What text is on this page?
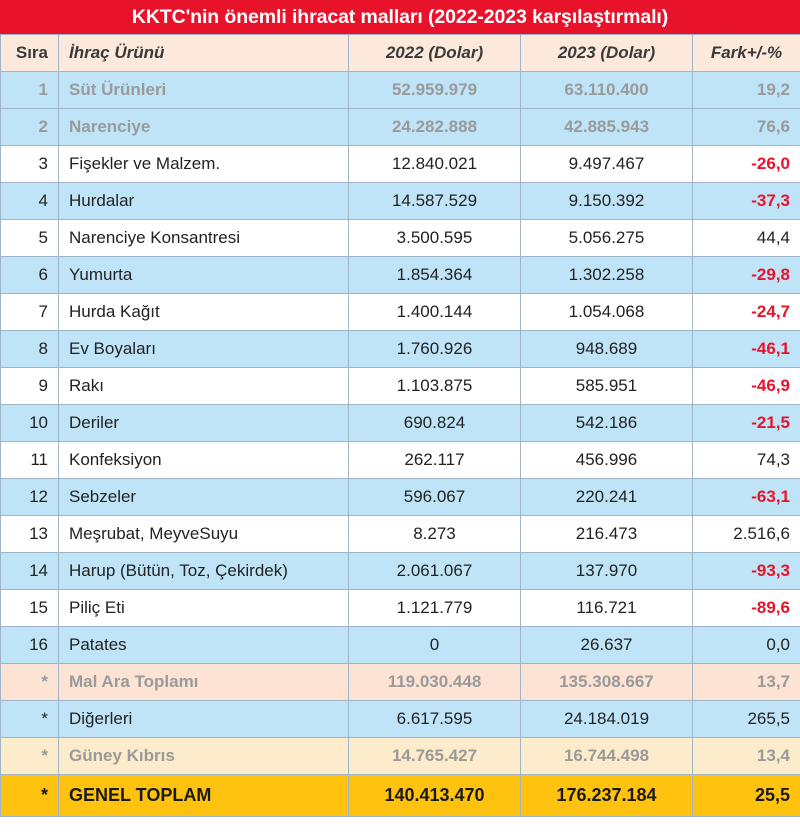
KKTC'nin önemli ihracat malları (2022-2023 karşılaştırmalı)
Sıra	İhraç Ürünü	2022 (Dolar)	2023 (Dolar)	Fark+/-%
1	Süt Ürünleri	52.959.979	63.110.400	19,2
2	Narenciye	24.282.888	42.885.943	76,6
3	Fişekler ve Malzem.	12.840.021	9.497.467	-26,0
4	Hurdalar	14.587.529	9.150.392	-37,3
5	Narenciye Konsantresi	3.500.595	5.056.275	44,4
6	Yumurta	1.854.364	1.302.258	-29,8
7	Hurda Kağıt	1.400.144	1.054.068	-24,7
8	Ev Boyaları	1.760.926	948.689	-46,1
9	Rakı	1.103.875	585.951	-46,9
10	Deriler	690.824	542.186	-21,5
11	Konfeksiyon	262.117	456.996	74,3
12	Sebzeler	596.067	220.241	-63,1
13	Meşrubat, MeyveSuyu	8.273	216.473	2.516,6
14	Harup (Bütün, Toz, Çekirdek)	2.061.067	137.970	-93,3
15	Piliç Eti	1.121.779	116.721	-89,6
16	Patates	0	26.637	0,0
*	Mal Ara Toplamı	119.030.448	135.308.667	13,7
*	Diğerleri	6.617.595	24.184.019	265,5
*	Güney Kıbrıs	14.765.427	16.744.498	13,4
*	GENEL TOPLAM	140.413.470	176.237.184	25,5
